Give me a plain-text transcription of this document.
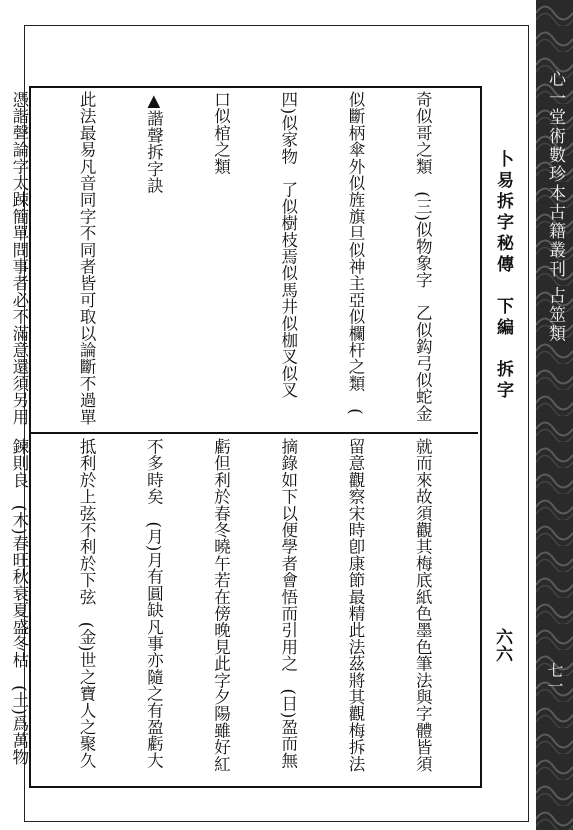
心一堂術數珍本古籍叢刊 占筮類
七一
卜易拆字秘傳　下編　拆字
六六

奇似哥之類　(三)似物象字　乙似鈎弓似蛇金

似斷柄傘外似旌旗旦似神主亞似欄杆之類　(

四)似家物　了似樹枝焉似馬井似枷叉似叉

口似棺之類

▲諧聲拆字訣

此法最易凡音同字不同者皆可取以論斷不過單

憑諧聲論字太踈簡單問事者必不滿意還須另用

就而來故須觀其梅底紙色墨色筆法與字體皆須

留意觀察宋時卽康節最精此法茲將其觀梅拆法

摘錄如下以便學者會悟而引用之　(日)盈而無

虧但利於春冬曉午若在傍晚見此字夕陽雖好紅

不多時矣　(月)月有圓缺凡事亦隨之有盈虧大

抵利於上弦不利於下弦　(金)世之寶人之聚久

鍊則良　(木)春旺秋衰夏盛冬枯　(土)爲萬物
